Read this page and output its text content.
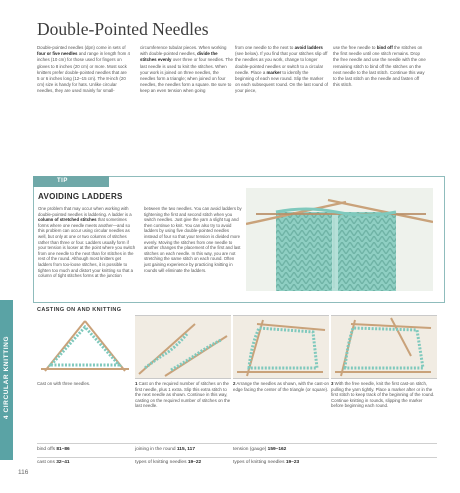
4 CIRCULAR KNITTING
Double-Pointed Needles
Double-pointed needles (dpn) come in sets of four or five needles and range in length from 4 inches (10 cm) for those used for fingers on gloves to 8 inches (20 cm) or more. Most sock knitters prefer double-pointed needles that are 5 or 6 inches long (12–15 cm). The 8-inch (20 cm) size is handy for hats. Unlike circular needles, they are used mainly for small-
circumference tubular pieces. When working with double-pointed needles, divide the stitches evenly over three or four needles. The last needle is used to knit the stitches. When your work is joined on three needles, the needles form a triangle; when joined on four needles, the needles form a square. Be sure to keep an even tension when going
from one needle to the next to avoid ladders (see below). If you find that your stitches slip off the needles as you work, change to longer double-pointed needles or switch to a circular needle. Place a marker to identify the beginning of each new round. Slip the marker on each subsequent round. On the last round of your piece,
use the free needle to bind off the stitches on the first needle until one stitch remains. Drop the free needle and use the needle with the one remaining stitch to bind off the stitches on the next needle to the last stitch. Continue this way to the last stitch on the needle and fasten off this stitch.
TIP
AVOIDING LADDERS
One problem that may occur when working with double-pointed needles is laddering. A ladder is a column of stretched stitches that sometimes forms where one needle meets another—and so this problem can occur using circular needles as well, but only at one or two columns of stitches rather than three or four. Ladders usually form if your tension is looser at the point where you switch from one needle to the next than for stitches in the rest of the round. Although most knitters get ladders from too-loose stitches, it is possible to tighten too much and distort your knitting so that a column of tight stitches forms at the junction
between the two needles. You can avoid ladders by tightening the first and second stitch when you switch needles. Just give the yarn a slight tug and then continue to knit. You can also try to avoid ladders by using five double-pointed needles instead of four so that your tension is divided more evenly. Moving the stitches from one needle to another changes the placement of the first and last stitches on each needle. In this way, you are not stretching the same stitch on each round. Often just gaining experience by practicing knitting in rounds will eliminate the ladders.
CASTING ON AND KNITTING
Cast on with three needles.	1 Cast on the required number of stitches on the first needle, plus 1 extra. Slip this extra stitch to the next needle as shown. Continue in this way, casting on the required number of stitches on the last needle.
2 Arrange the needles as shown, with the cast-on edge facing the center of the triangle (or square).
3 With the free needle, knit the first cast-on stitch, pulling the yarn tightly. Place a marker after or in the first stitch to keep track of the beginning of the round. Continue knitting in rounds, slipping the marker before beginning each round.
bind offs 81–86	joining in the round 115, 117	tension (gauge) 159–162
cast ons 32–41	types of knitting needles 19–22	types of knitting needles 19–23
116
